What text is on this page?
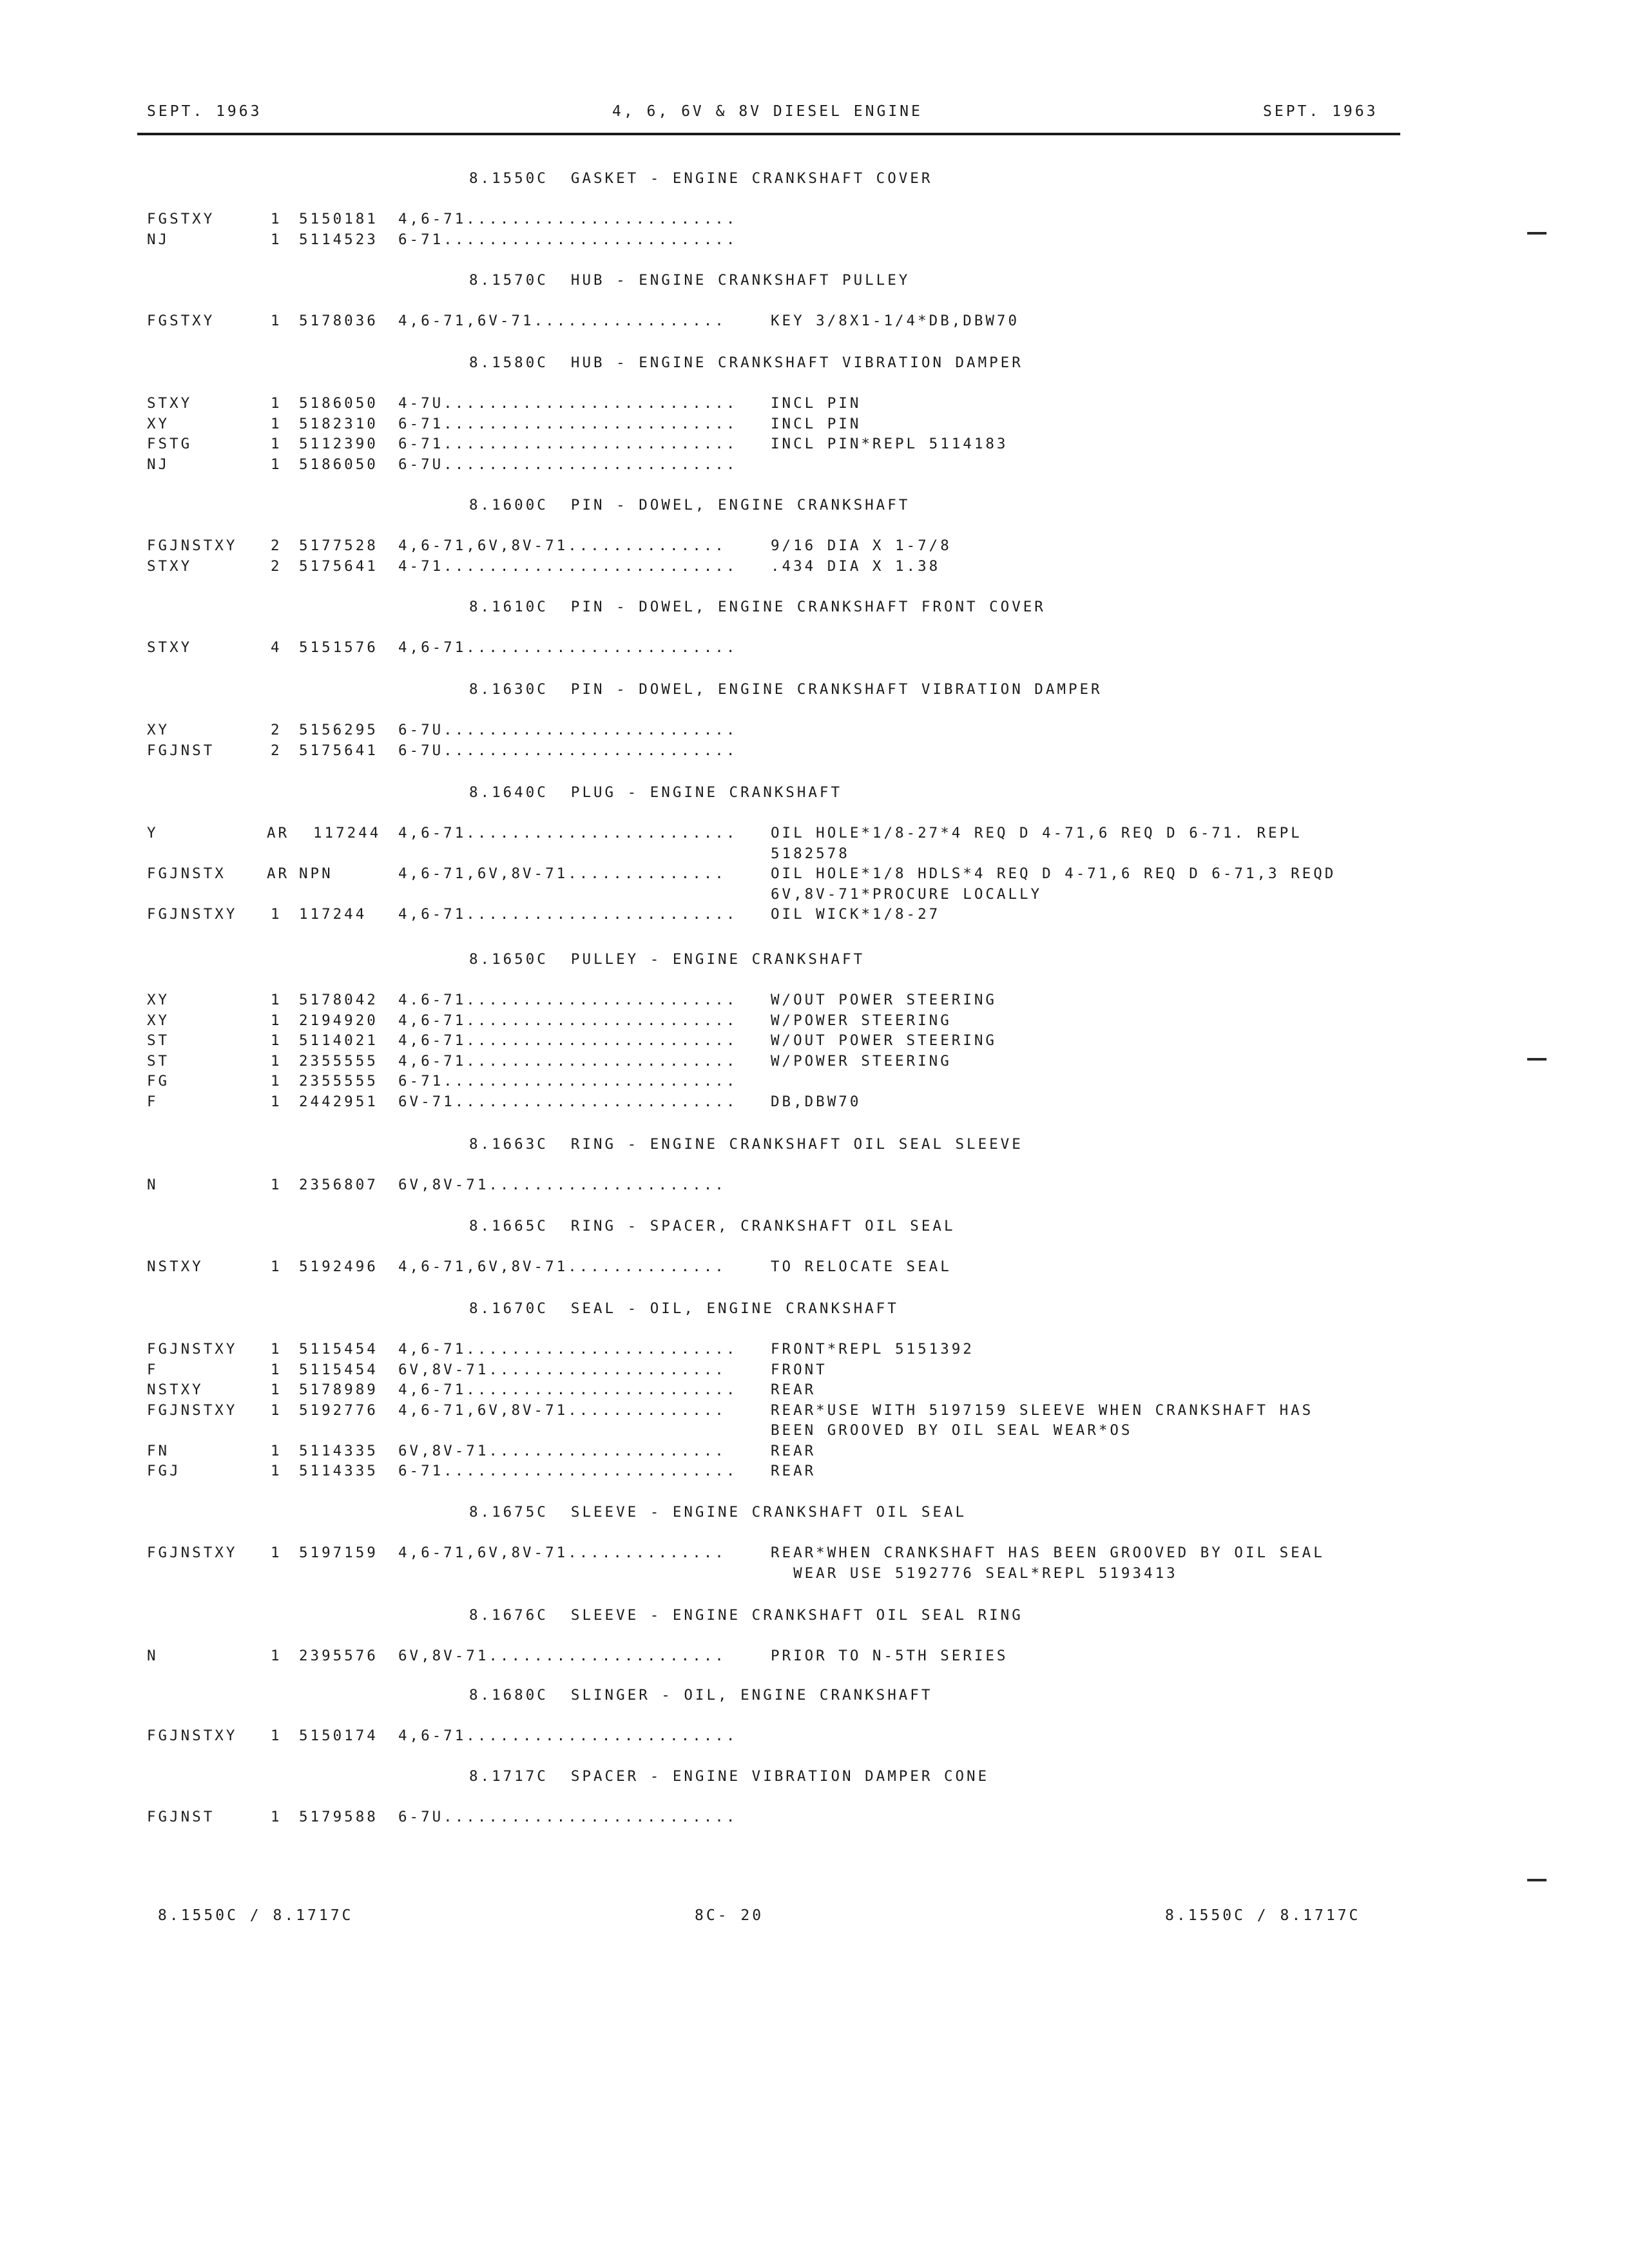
SEPT. 1963	4, 6, 6V & 8V DIESEL ENGINE	SEPT. 1963
8.1550C  GASKET - ENGINE CRANKSHAFT COVER
FGSTXY	1 5150181 4,6-71........................
NJ	1 5114523 6-71..........................
8.1570C  HUB - ENGINE CRANKSHAFT PULLEY
FGSTXY	1 5178036 4,6-71,6V-71.................	KEY 3/8X1-1/4*DB,DBW70
8.1580C  HUB - ENGINE CRANKSHAFT VIBRATION DAMPER
STXY	1 5186050 4-7U.......................... INCL PIN
XY	1 5182310 6-71.......................... INCL PIN
FSTG	1 5112390 6-71.......................... INCL PIN*REPL 5114183
NJ	1 5186050 6-7U..........................
8.1600C  PIN - DOWEL, ENGINE CRANKSHAFT
FGJNSTXY 2 5177528 4,6-71,6V,8V-71..............	9/16 DIA X 1-7/8
STXY	2 5175641 4-71.......................... .434 DIA X 1.38
8.1610C  PIN - DOWEL, ENGINE CRANKSHAFT FRONT COVER
STXY	4 5151576 4,6-71........................
8.1630C  PIN - DOWEL, ENGINE CRANKSHAFT VIBRATION DAMPER
XY	2 5156295 6-7U..........................
FGJNST	2 5175641 6-7U..........................
8.1640C  PLUG - ENGINE CRANKSHAFT
Y	AR 117244 4,6-71........................ OIL HOLE*1/8-27*4 REQ D 4-71,6 REQ D 6-71. REPL
5182578
FGJNSTX	AR NPN	4,6-71,6V,8V-71..............	OIL HOLE*1/8 HDLS*4 REQ D 4-71,6 REQ D 6-71,3 REQD
6V,8V-71*PROCURE LOCALLY
FGJNSTXY 1 117244 4,6-71........................ OIL WICK*1/8-27
8.1650C  PULLEY - ENGINE CRANKSHAFT
XY	1 5178042 4.6-71........................ W/OUT POWER STEERING
XY	1 2194920 4,6-71........................ W/POWER STEERING
ST	1 5114021 4,6-71........................ W/OUT POWER STEERING
ST	1 2355555 4,6-71........................ W/POWER STEERING
FG	1 2355555 6-71..........................
F	1 2442951 6V-71......................... DB,DBW70
8.1663C  RING - ENGINE CRANKSHAFT OIL SEAL SLEEVE
N	1 2356807 6V,8V-71.....................
8.1665C  RING - SPACER, CRANKSHAFT OIL SEAL
NSTXY	1 5192496 4,6-71,6V,8V-71..............	TO RELOCATE SEAL
8.1670C  SEAL - OIL, ENGINE CRANKSHAFT
FGJNSTXY 1 5115454 4,6-71........................ FRONT*REPL 5151392
F	1 5115454 6V,8V-71.....................	FRONT
NSTXY	1 5178989 4,6-71........................ REAR
FGJNSTXY 1 5192776 4,6-71,6V,8V-71..............	REAR*USE WITH 5197159 SLEEVE WHEN CRANKSHAFT HAS
BEEN GROOVED BY OIL SEAL WEAR*OS
FN	1 5114335 6V,8V-71.....................	REAR
FGJ	1 5114335 6-71.......................... REAR
8.1675C  SLEEVE - ENGINE CRANKSHAFT OIL SEAL
FGJNSTXY 1 5197159 4,6-71,6V,8V-71..............	REAR*WHEN CRANKSHAFT HAS BEEN GROOVED BY OIL SEAL
WEAR USE 5192776 SEAL*REPL 5193413
8.1676C  SLEEVE - ENGINE CRANKSHAFT OIL SEAL RING
N	1 2395576 6V,8V-71.....................	PRIOR TO N-5TH SERIES
8.1680C  SLINGER - OIL, ENGINE CRANKSHAFT
FGJNSTXY 1 5150174 4,6-71........................
8.1717C  SPACER - ENGINE VIBRATION DAMPER CONE
FGJNST	1 5179588 6-7U..........................
8.1550C / 8.1717C	8C- 20	8.1550C / 8.1717C
